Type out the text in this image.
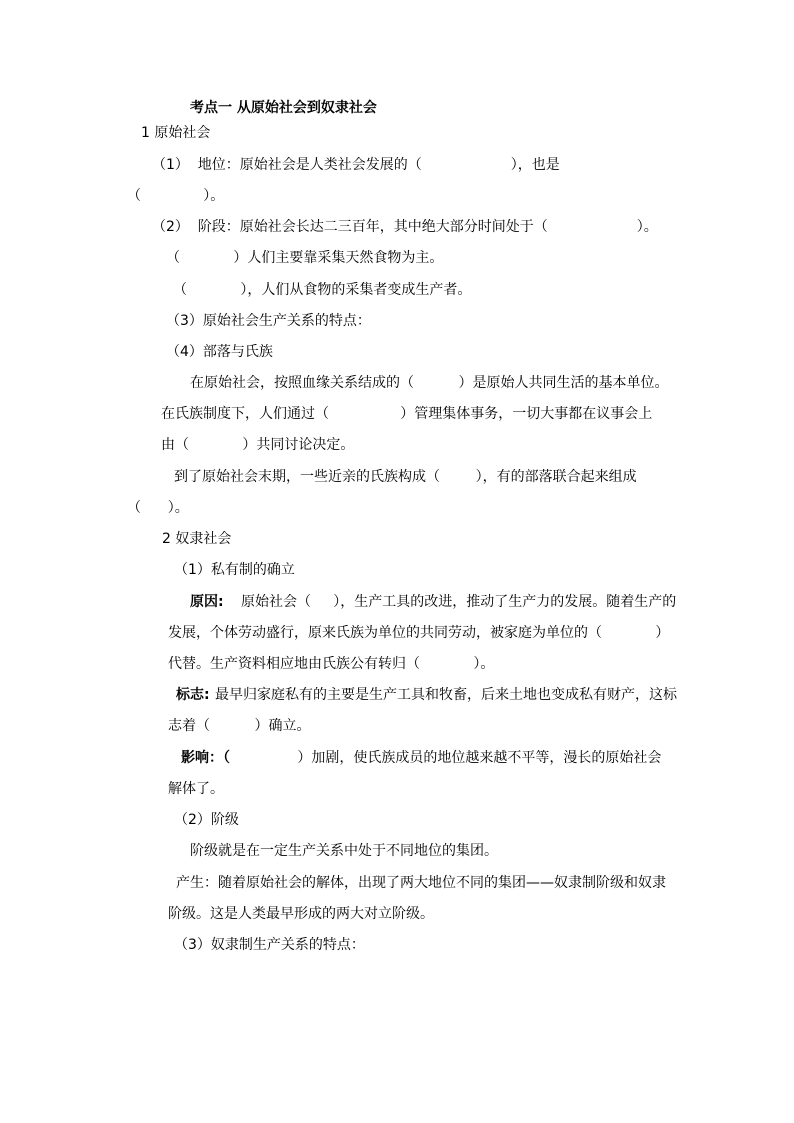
考点一 从原始社会到奴隶社会
1 原始社会
（1）  地位：原始社会是人类社会发展的（                    ），也是
（              ）。
（2）  阶段：原始社会长达二三百年，其中绝大部分时间处于（                    ）。
（            ）人们主要靠采集天然食物为主。
（            ），人们从食物的采集者变成生产者。
（3）原始社会生产关系的特点：
（4）部落与氏族
在原始社会，按照血缘关系结成的（          ）是原始人共同生活的基本单位。
在氏族制度下，人们通过（                ）管理集体事务，一切大事都在议事会上
由（            ）共同讨论决定。
到了原始社会末期，一些近亲的氏族构成（        ），有的部落联合起来组成
（      ）。
2 奴隶社会
（1）私有制的确立
原因: 原始社会（     ），生产工具的改进，推动了生产力的发展。随着生产的
发展，个体劳动盛行，原来氏族为单位的共同劳动，被家庭为单位的（            ）
代替。生产资料相应地由氏族公有转归（            ）。
标志: 最早归家庭私有的主要是生产工具和牧畜，后来土地也变成私有财产，这标
志着（          ）确立。
影响：（ ）加剧，使氏族成员的地位越来越不平等，漫长的原始社会
解体了。
（2）阶级
阶级就是在一定生产关系中处于不同地位的集团。
产生：随着原始社会的解体，出现了两大地位不同的集团——奴隶制阶级和奴隶
阶级。这是人类最早形成的两大对立阶级。
（3）奴隶制生产关系的特点：
